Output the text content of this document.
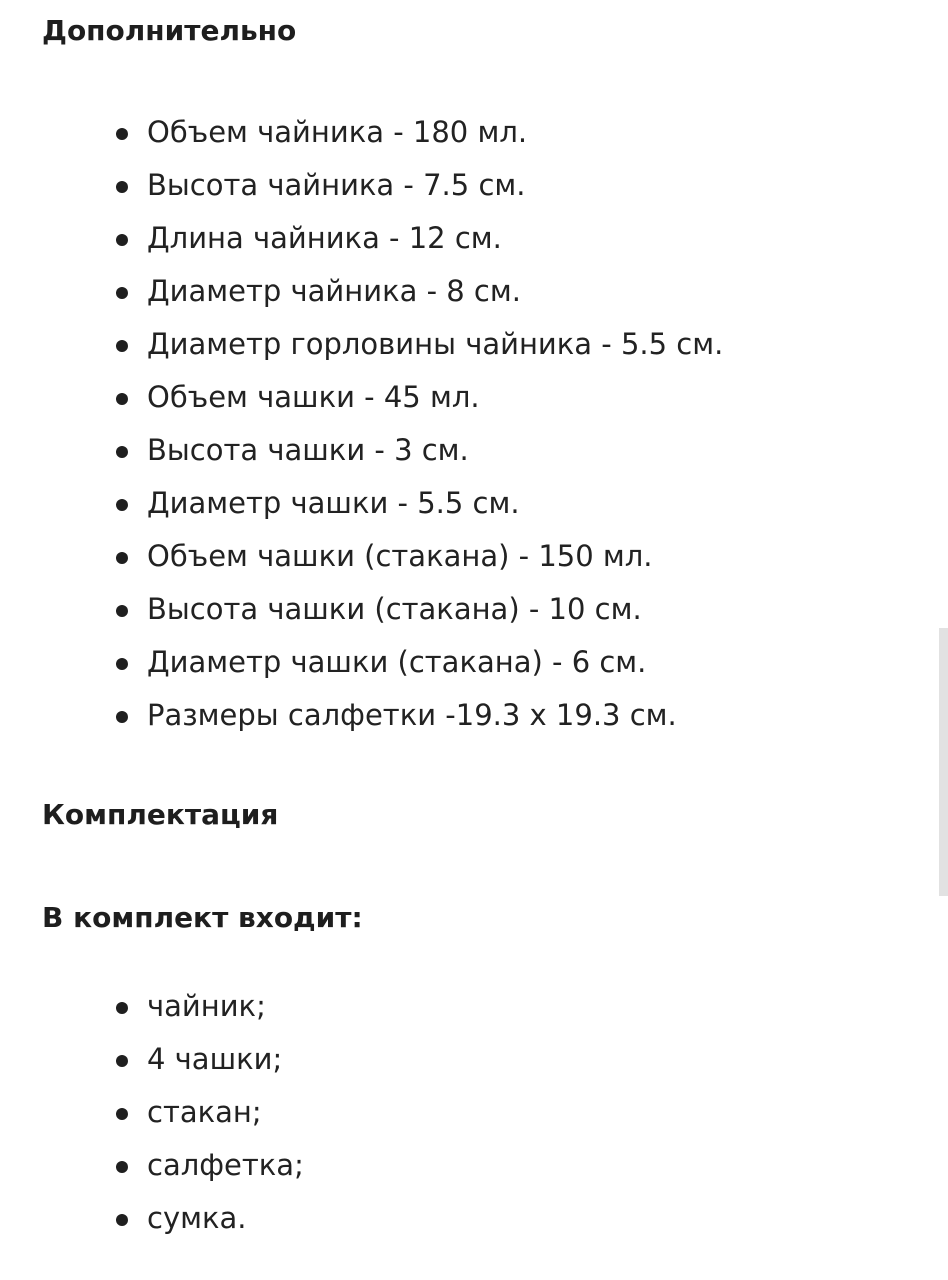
Дополнительно
Объем чайника - 180 мл.
Высота чайника - 7.5 см.
Длина чайника - 12 см.
Диаметр чайника - 8 см.
Диаметр горловины чайника - 5.5 см.
Объем чашки - 45 мл.
Высота чашки - 3 см.
Диаметр чашки - 5.5 см.
Объем чашки (стакана) - 150 мл.
Высота чашки (стакана) - 10 см.
Диаметр чашки (стакана) - 6 см.
Размеры салфетки -19.3 х 19.3 см.
Комплектация
В комплект входит:
чайник;
4 чашки;
стакан;
салфетка;
сумка.
